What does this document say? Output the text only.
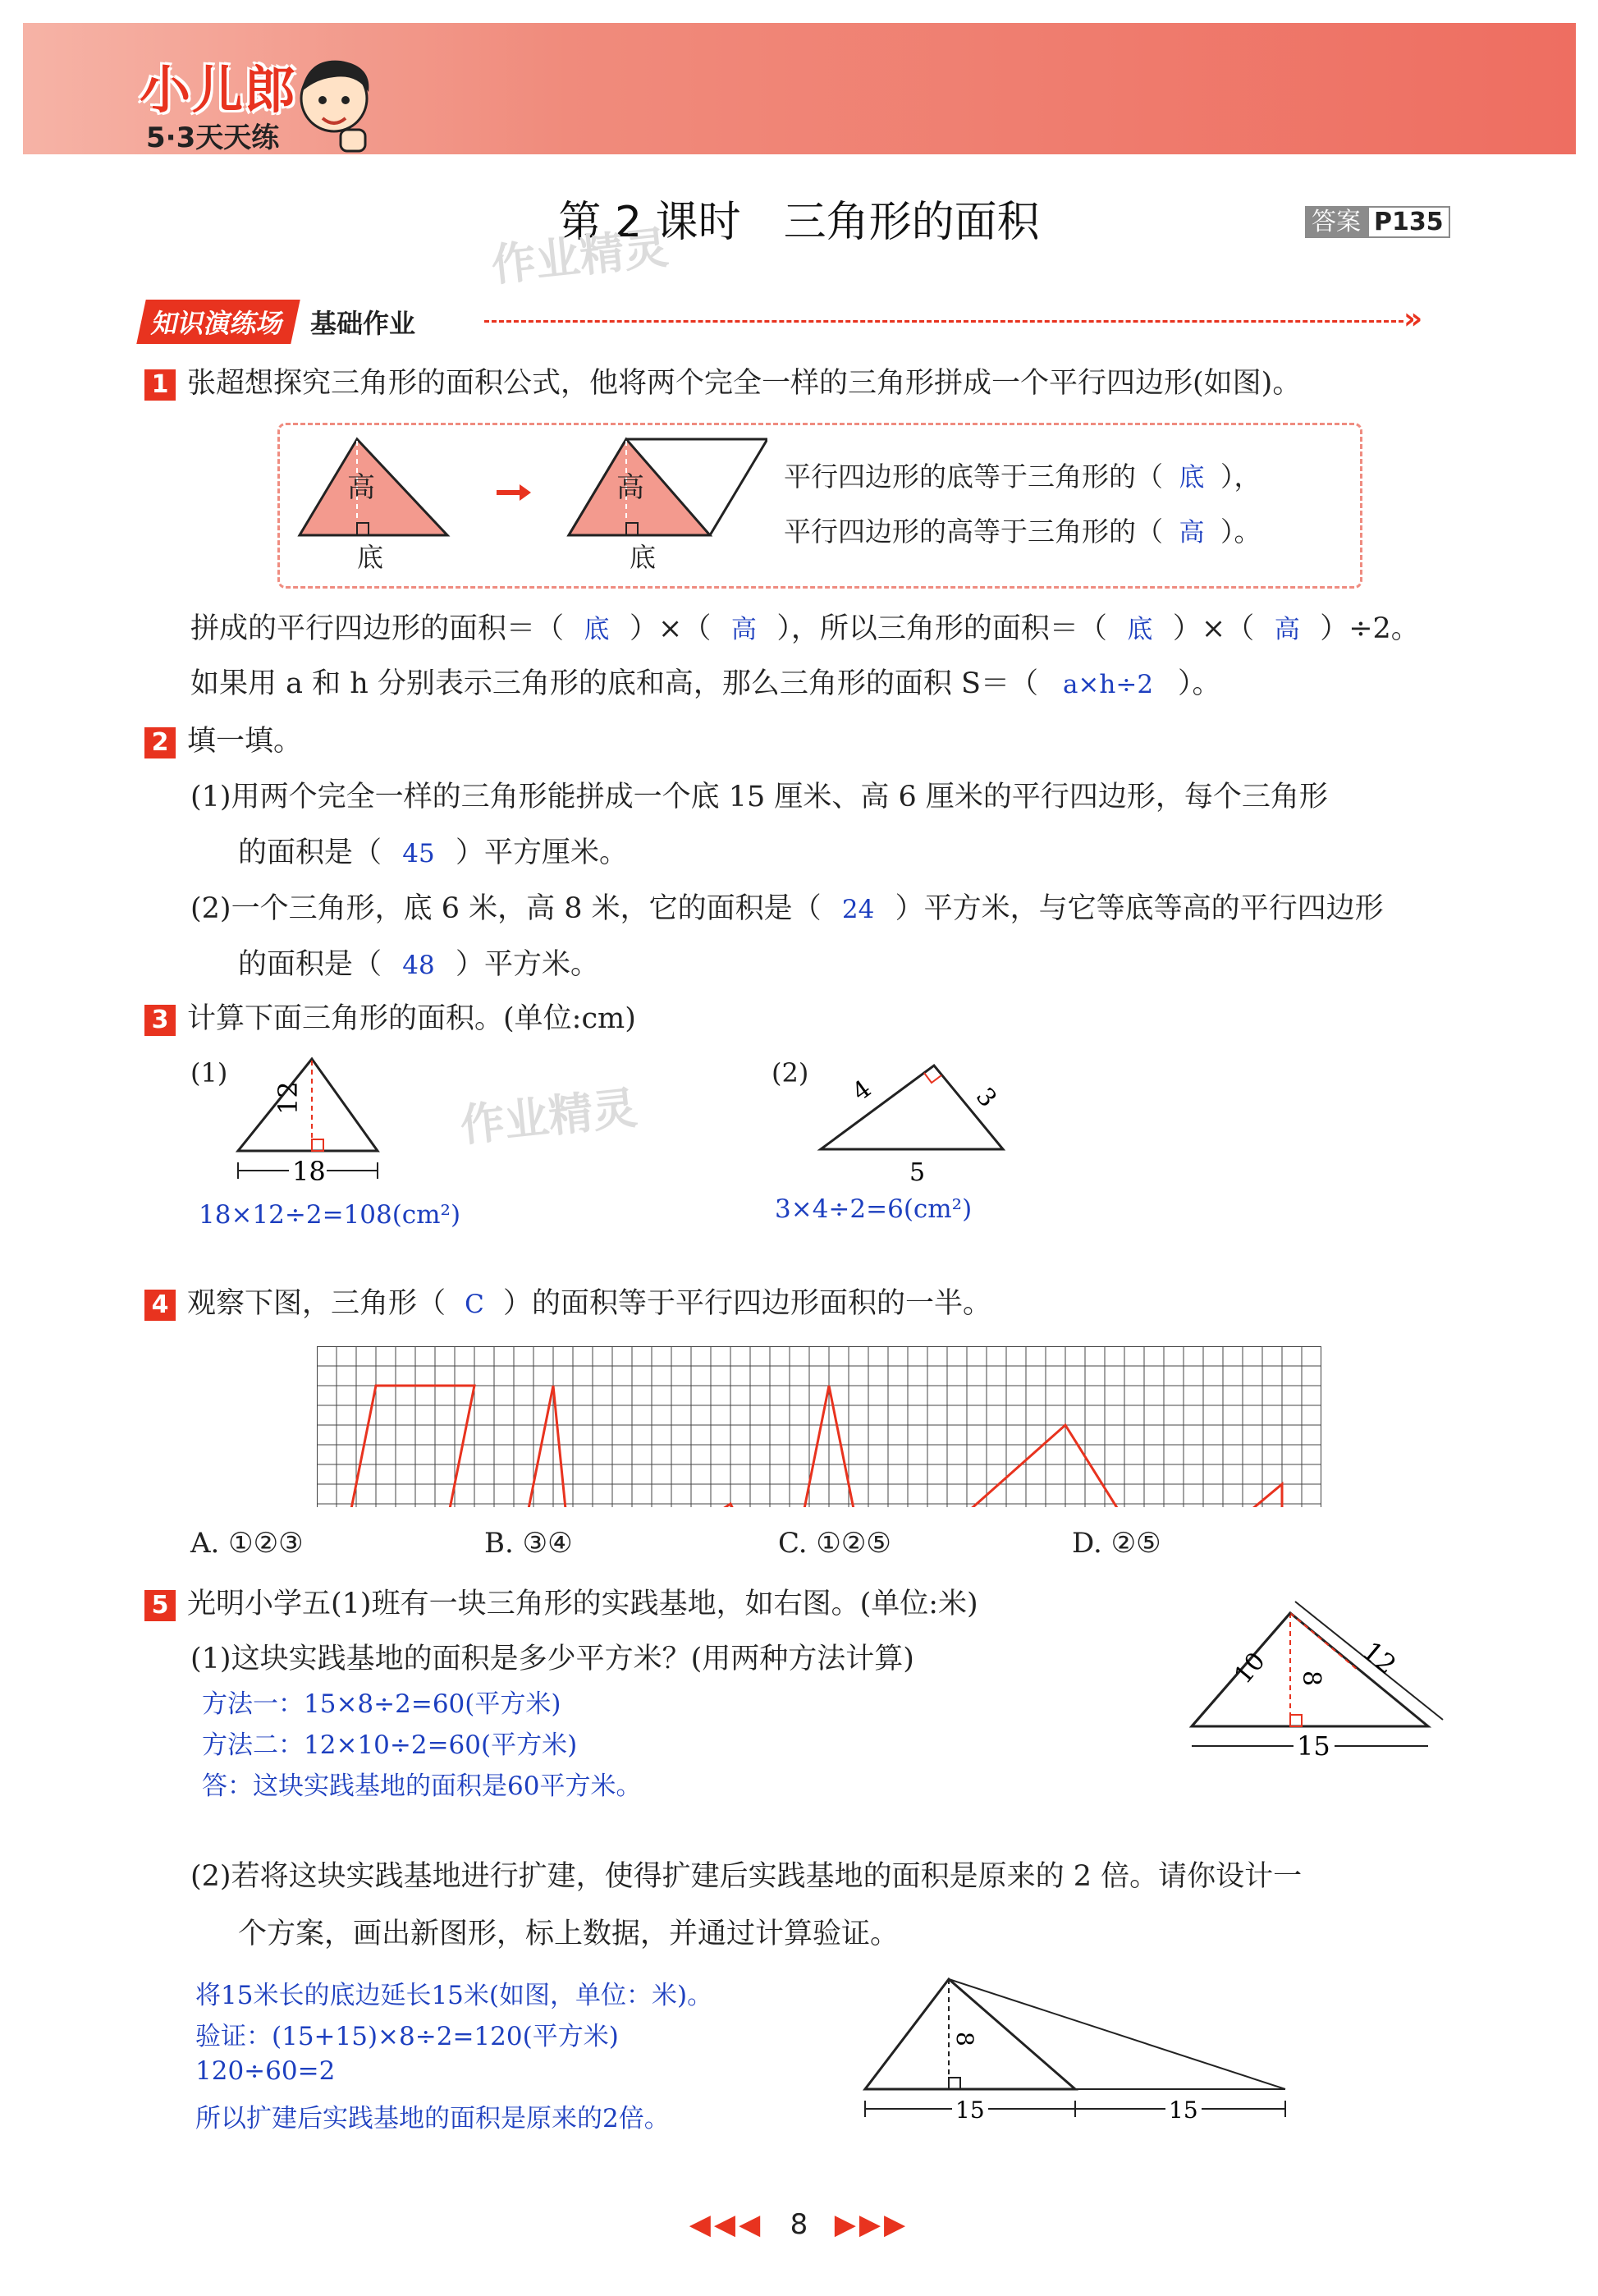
小儿郎
5·3天天练
第 2 课时　三角形的面积	答案 P135
作业精灵
作业精灵
知识演练场 基础作业	»
1 张超想探究三角形的面积公式，他将两个完全一样的三角形拼成一个平行四边形(如图)。
高
底
高
底
平行四边形的底等于三角形的（ 底 ），
平行四边形的高等于三角形的（ 高 ）。
拼成的平行四边形的面积＝（ 底 ）×（ 高 ），所以三角形的面积＝（ 底 ）×（ 高 ）÷2。
如果用 a 和 h 分别表示三角形的底和高，那么三角形的面积 S＝（ a×h÷2 ）。
2 填一填。
(1)用两个完全一样的三角形能拼成一个底 15 厘米、高 6 厘米的平行四边形，每个三角形
的面积是（ 45 ）平方厘米。
(2)一个三角形，底 6 米，高 8 米，它的面积是（ 24 ）平方米，与它等底等高的平行四边形
的面积是（ 48 ）平方米。
3 计算下面三角形的面积。(单位:cm)
(1)	(2)
12
18
4	3
5
18×12÷2=108(cm²)	3×4÷2=6(cm²)
4 观察下图，三角形（ C ）的面积等于平行四边形面积的一半。
A. ①②③	B. ③④	C. ①②⑤	D. ②⑤
5 光明小学五(1)班有一块三角形的实践基地，如右图。(单位:米)
(1)这块实践基地的面积是多少平方米？(用两种方法计算)
方法一：15×8÷2=60(平方米)
方法二：12×10÷2=60(平方米)
答：这块实践基地的面积是60平方米。
10 8 12
15
(2)若将这块实践基地进行扩建，使得扩建后实践基地的面积是原来的 2 倍。请你设计一
个方案，画出新图形，标上数据，并通过计算验证。
将15米长的底边延长15米(如图，单位：米)。
验证：(15+15)×8÷2=120(平方米)
120÷60=2
所以扩建后实践基地的面积是原来的2倍。
8
15	15
◀◀◀ 8 ▶▶▶
